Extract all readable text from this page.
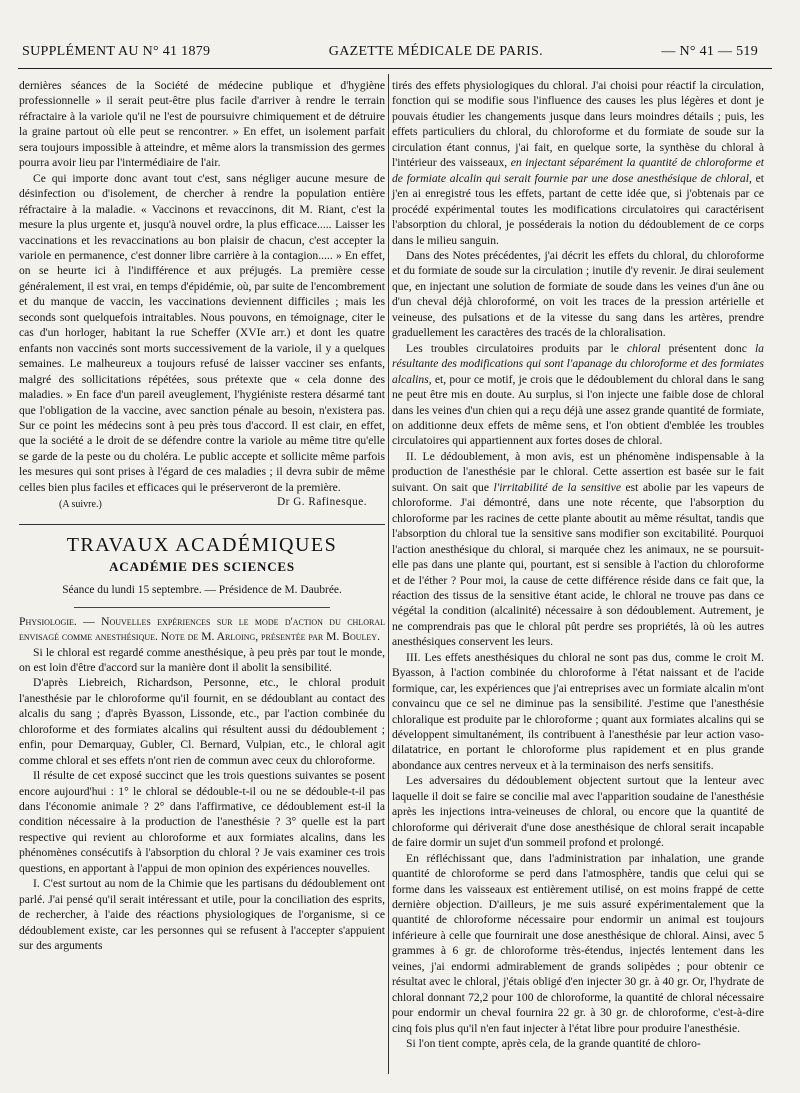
SUPPLÉMENT AU N° 41 1879	GAZETTE MÉDICALE DE PARIS.	— N° 41 — 519

dernières séances de la Société de médecine publique et d'hygiène professionnelle » il serait peut-être plus facile d'arriver à rendre le terrain réfractaire à la variole qu'il ne l'est de poursuivre chimiquement et de détruire la graine partout où elle peut se rencontrer. » En effet, un isolement parfait sera toujours impossible à atteindre, et même alors la transmission des germes pourra avoir lieu par l'intermédiaire de l'air.

Ce qui importe donc avant tout c'est, sans négliger aucune mesure de désinfection ou d'isolement, de chercher à rendre la population entière réfractaire à la maladie. « Vaccinons et revaccinons, dit M. Riant, c'est la mesure la plus urgente et, jusqu'à nouvel ordre, la plus efficace..... Laisser les vaccinations et les revaccinations au bon plaisir de chacun, c'est accepter la variole en permanence, c'est donner libre carrière à la contagion..... » En effet, on se heurte ici à l'indifférence et aux préjugés. La première cesse généralement, il est vrai, en temps d'épidémie, où, par suite de l'encombrement et du manque de vaccin, les vaccinations deviennent difficiles ; mais les seconds sont quelquefois intraitables. Nous pouvons, en témoignage, citer le cas d'un horloger, habitant la rue Scheffer (XVIe arr.) et dont les quatre enfants non vaccinés sont morts successivement de la variole, il y a quelques semaines. Le malheureux a toujours refusé de laisser vacciner ses enfants, malgré des sollicitations répétées, sous prétexte que « cela donne des maladies. » En face d'un pareil aveuglement, l'hygiéniste restera désarmé tant que l'obligation de la vaccine, avec sanction pénale au besoin, n'existera pas. Sur ce point les médecins sont à peu près tous d'accord. Il est clair, en effet, que la société a le droit de se défendre contre la variole au même titre qu'elle se garde de la peste ou du choléra. Le public accepte et sollicite même parfois les mesures qui sont prises à l'égard de ces maladies ; il devra subir de même celles bien plus faciles et efficaces qui le préserveront de la première.

Dr G. Rafinesque.
(A suivre.)
TRAVAUX ACADÉMIQUES
ACADÉMIE DES SCIENCES
Séance du lundi 15 septembre. — Présidence de M. Daubrée.

Physiologie. — Nouvelles expériences sur le mode d'action du chloral envisagé comme anesthésique. Note de M. Arloing, présentée par M. Bouley.

Si le chloral est regardé comme anesthésique, à peu près par tout le monde, on est loin d'être d'accord sur la manière dont il abolit la sensibilité.

D'après Liebreich, Richardson, Personne, etc., le chloral produit l'anesthésie par le chloroforme qu'il fournit, en se dédoublant au contact des alcalis du sang ; d'après Byasson, Lissonde, etc., par l'action combinée du chloroforme et des formiates alcalins qui résultent aussi du dédoublement ; enfin, pour Demarquay, Gubler, Cl. Bernard, Vulpian, etc., le chloral agit comme chloral et ses effets n'ont rien de commun avec ceux du chloroforme.

Il résulte de cet exposé succinct que les trois questions suivantes se posent encore aujourd'hui : 1° le chloral se dédouble-t-il ou ne se dédouble-t-il pas dans l'économie animale ? 2° dans l'affirmative, ce dédoublement est-il la condition nécessaire à la production de l'anesthésie ? 3° quelle est la part respective qui revient au chloroforme et aux formiates alcalins, dans les phénomènes consécutifs à l'absorption du chloral ? Je vais examiner ces trois questions, en apportant à l'appui de mon opinion des expériences nouvelles.

I. C'est surtout au nom de la Chimie que les partisans du dédoublement ont parlé. J'ai pensé qu'il serait intéressant et utile, pour la conciliation des esprits, de rechercher, à l'aide des réactions physiologiques de l'organisme, si ce dédoublement existe, car les personnes qui se refusent à l'accepter s'appuient sur des arguments

tirés des effets physiologiques du chloral. J'ai choisi pour réactif la circulation, fonction qui se modifie sous l'influence des causes les plus légères et dont je pouvais étudier les changements jusque dans leurs moindres détails ; puis, les effets particuliers du chloral, du chloroforme et du formiate de soude sur la circulation étant connus, j'ai fait, en quelque sorte, la synthèse du chloral à l'intérieur des vaisseaux, en injectant séparément la quantité de chloroforme et de formiate alcalin qui serait fournie par une dose anesthésique de chloral, et j'en ai enregistré tous les effets, partant de cette idée que, si j'obtenais par ce procédé expérimental toutes les modifications circulatoires qui caractérisent l'absorption du chloral, je posséderais la notion du dédoublement de ce corps dans le milieu sanguin.

Dans des Notes précédentes, j'ai décrit les effets du chloral, du chloroforme et du formiate de soude sur la circulation ; inutile d'y revenir. Je dirai seulement que, en injectant une solution de formiate de soude dans les veines d'un âne ou d'un cheval déjà chloroformé, on voit les traces de la pression artérielle et veineuse, des pulsations et de la vitesse du sang dans les artères, prendre graduellement les caractères des tracés de la chloralisation.

Les troubles circulatoires produits par le chloral présentent donc la résultante des modifications qui sont l'apanage du chloroforme et des formiates alcalins, et, pour ce motif, je crois que le dédoublement du chloral dans le sang ne peut être mis en doute. Au surplus, si l'on injecte une faible dose de chloral dans les veines d'un chien qui a reçu déjà une assez grande quantité de formiate, on additionne deux effets de même sens, et l'on obtient d'emblée les troubles circulatoires qui appartiennent aux fortes doses de chloral.

II. Le dédoublement, à mon avis, est un phénomène indispensable à la production de l'anesthésie par le chloral. Cette assertion est basée sur le fait suivant. On sait que l'irritabilité de la sensitive est abolie par les vapeurs de chloroforme. J'ai démontré, dans une note récente, que l'absorption du chloroforme par les racines de cette plante aboutit au même résultat, tandis que l'absorption du chloral tue la sensitive sans modifier son excitabilité. Pourquoi l'action anesthésique du chloral, si marquée chez les animaux, ne se poursuit-elle pas dans une plante qui, pourtant, est si sensible à l'action du chloroforme et de l'éther ? Pour moi, la cause de cette différence réside dans ce fait que, la réaction des tissus de la sensitive étant acide, le chloral ne trouve pas dans ce végétal la condition (alcalinité) nécessaire à son dédoublement. Autrement, je ne comprendrais pas que le chloral pût perdre ses propriétés, là où les autres anesthésiques conservent les leurs.

III. Les effets anesthésiques du chloral ne sont pas dus, comme le croit M. Byasson, à l'action combinée du chloroforme à l'état naissant et de l'acide formique, car, les expériences que j'ai entreprises avec un formiate alcalin m'ont convaincu que ce sel ne diminue pas la sensibilité. J'estime que l'anesthésie chloralique est produite par le chloroforme ; quant aux formiates alcalins qui se développent simultanément, ils contribuent à l'anesthésie par leur action vaso-dilatatrice, en portant le chloroforme plus rapidement et en plus grande abondance aux centres nerveux et à la terminaison des nerfs sensitifs.

Les adversaires du dédoublement objectent surtout que la lenteur avec laquelle il doit se faire se concilie mal avec l'apparition soudaine de l'anesthésie après les injections intra-veineuses de chloral, ou encore que la quantité de chloroforme qui dériverait d'une dose anesthésique de chloral serait incapable de faire dormir un sujet d'un sommeil profond et prolongé.

En réfléchissant que, dans l'administration par inhalation, une grande quantité de chloroforme se perd dans l'atmosphère, tandis que celui qui se forme dans les vaisseaux est entièrement utilisé, on est moins frappé de cette dernière objection. D'ailleurs, je me suis assuré expérimentalement que la quantité de chloroforme nécessaire pour endormir un animal est toujours inférieure à celle que fournirait une dose anesthésique de chloral. Ainsi, avec 5 grammes à 6 gr. de chloroforme très-étendus, injectés lentement dans les veines, j'ai endormi admirablement de grands solipèdes ; pour obtenir ce résultat avec le chloral, j'étais obligé d'en injecter 30 gr. à 40 gr. Or, l'hydrate de chloral donnant 72,2 pour 100 de chloroforme, la quantité de chloral nécessaire pour endormir un cheval fournira 22 gr. à 30 gr. de chloroforme, c'est-à-dire cinq fois plus qu'il n'en faut injecter à l'état libre pour produire l'anesthésie.

Si l'on tient compte, après cela, de la grande quantité de chloro-
